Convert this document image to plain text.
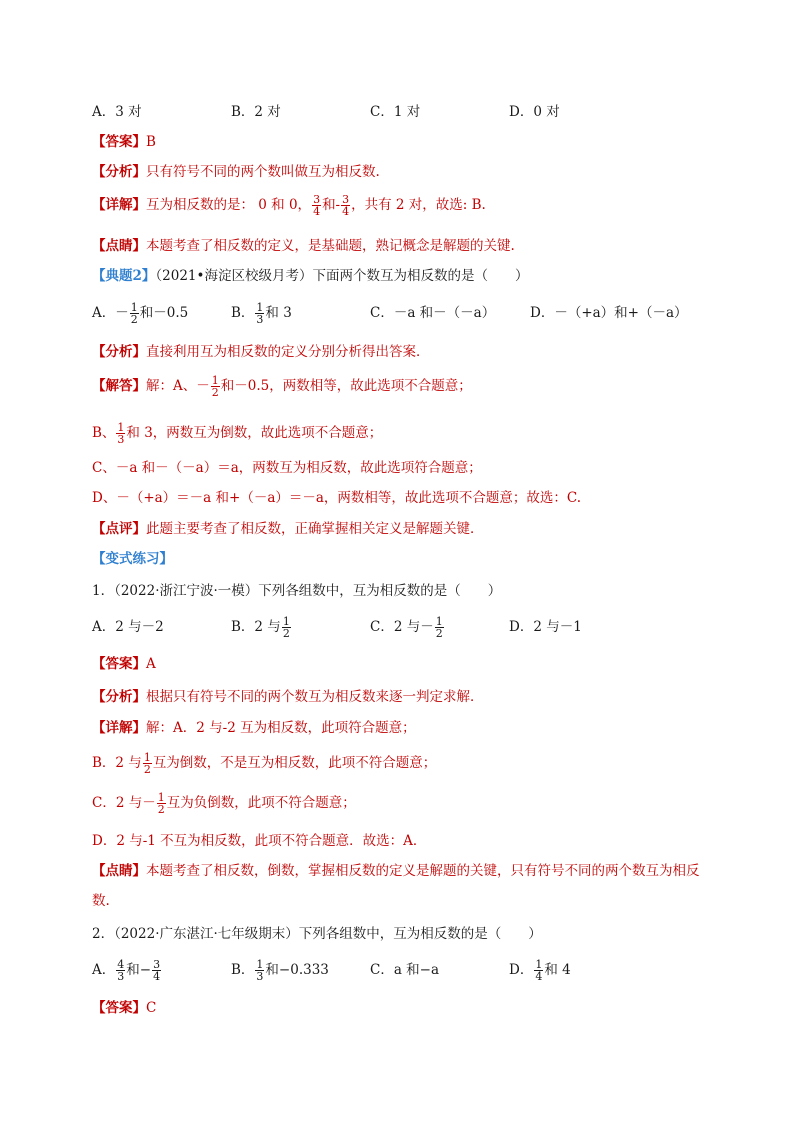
A．3 对	B．2 对	C．1 对	D．0 对
【答案】B
【分析】只有符号不同的两个数叫做互为相反数.
【详解】互为相反数的是： 0 和 0， $\frac{3}{4}$ 和- $\frac{3}{4}$ ，共有 2 对，故选: B.
【点睛】本题考查了相反数的定义，是基础题，熟记概念是解题的关键.
【典题2】（2021•海淀区校级月考）下面两个数互为相反数的是（　　）
A．－ $\frac{1}{2}$ 和－0.5	B． $\frac{1}{3}$ 和 3	C．－a 和－（－a）	D．－（+a）和+（－a）
【分析】直接利用互为相反数的定义分别分析得出答案．
【解答】解：A、－ $\frac{1}{2}$ 和－0.5，两数相等，故此选项不合题意；
B、 $\frac{1}{3}$ 和 3，两数互为倒数，故此选项不合题意；
C、－a 和－（－a）＝a，两数互为相反数，故此选项符合题意；
D、－（+a）＝－a 和+（－a）＝－a，两数相等，故此选项不合题意；故选：C.
【点评】此题主要考查了相反数，正确掌握相关定义是解题关键．
【变式练习】
1．（2022·浙江宁波·一模）下列各组数中，互为相反数的是（　　）
A．2 与－2	B．2 与 $\frac{1}{2}$	C．2 与－ $\frac{1}{2}$	D．2 与－1
【答案】A
【分析】根据只有符号不同的两个数互为相反数来逐一判定求解．
【详解】解：A．2 与-2 互为相反数，此项符合题意；
B．2 与 $\frac{1}{2}$ 互为倒数，不是互为相反数，此项不符合题意；
C．2 与－ $\frac{1}{2}$ 互为负倒数，此项不符合题意；
D．2 与-1 不互为相反数，此项不符合题意．故选：A．
【点睛】本题考查了相反数，倒数，掌握相反数的定义是解题的关键，只有符号不同的两个数互为相反数.
2．（2022·广东湛江·七年级期末）下列各组数中，互为相反数的是（　　）
A． $\frac{4}{3}$ 和− $\frac{3}{4}$	B． $\frac{1}{3}$ 和−0.333	C．a 和−a	D． $\frac{1}{4}$ 和 4
【答案】C
